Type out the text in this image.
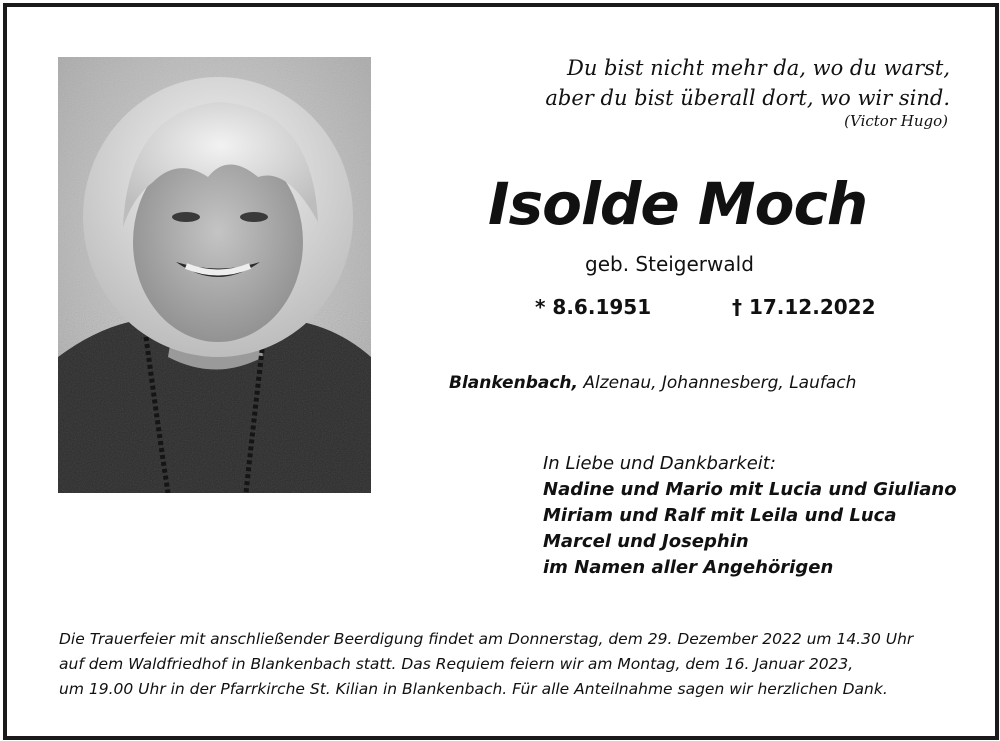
Du bist nicht mehr da, wo du warst,
aber du bist überall dort, wo wir sind.
(Victor Hugo)
Isolde Moch
geb. Steigerwald
* 8.6.1951	† 17.12.2022
Blankenbach, Alzenau, Johannesberg, Laufach
In Liebe und Dankbarkeit:
Nadine und Mario mit Lucia und Giuliano
Miriam und Ralf mit Leila und Luca
Marcel und Josephin
im Namen aller Angehörigen
Die Trauerfeier mit anschließender Beerdigung findet am Donnerstag, dem 29. Dezember 2022 um 14.30 Uhr
auf dem Waldfriedhof in Blankenbach statt. Das Requiem feiern wir am Montag, dem 16. Januar 2023,
um 19.00 Uhr in der Pfarrkirche St. Kilian in Blankenbach. Für alle Anteilnahme sagen wir herzlichen Dank.
